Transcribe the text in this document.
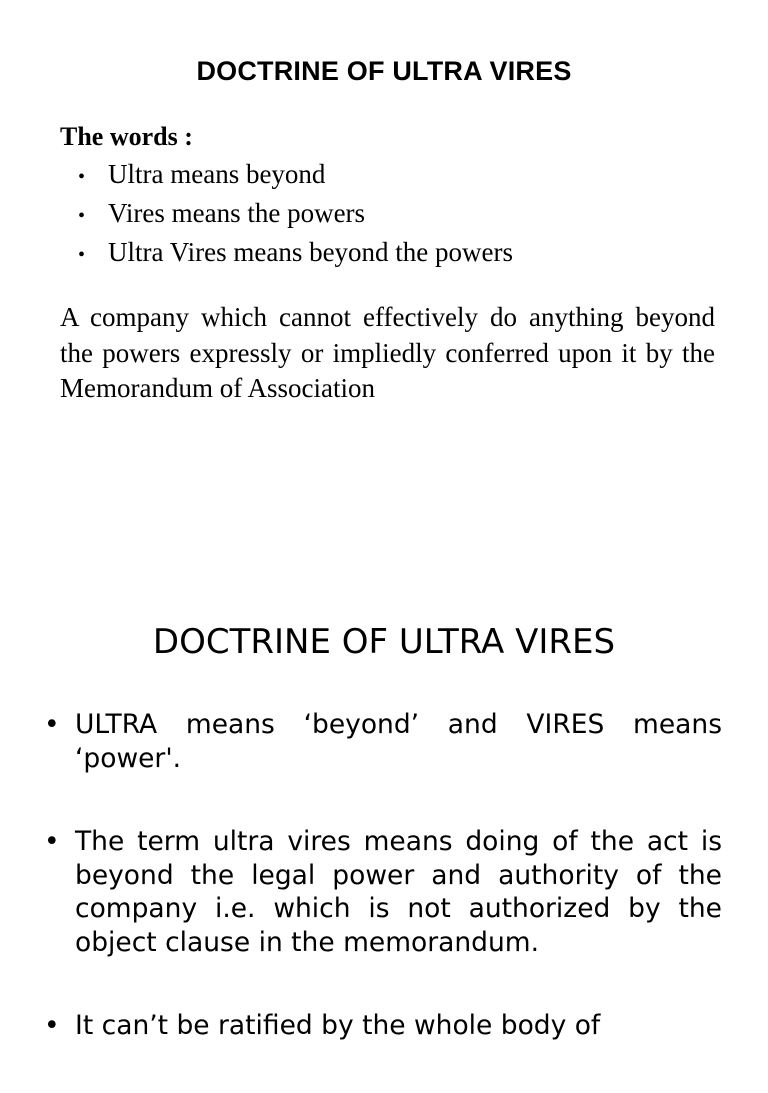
DOCTRINE OF ULTRA VIRES

The words :

• Ultra means beyond
• Vires means the powers
• Ultra Vires means beyond the powers

A company which cannot effectively do anything beyond the powers expressly or impliedly conferred upon it by the Memorandum of Association

DOCTRINE OF ULTRA VIRES
• ULTRA means ‘beyond’ and VIRES means ‘power'.
• The term ultra vires means doing of the act is beyond the legal power and authority of the company i.e. which is not authorized by the object clause in the memorandum.
• It can’t be ratified by the whole body of
